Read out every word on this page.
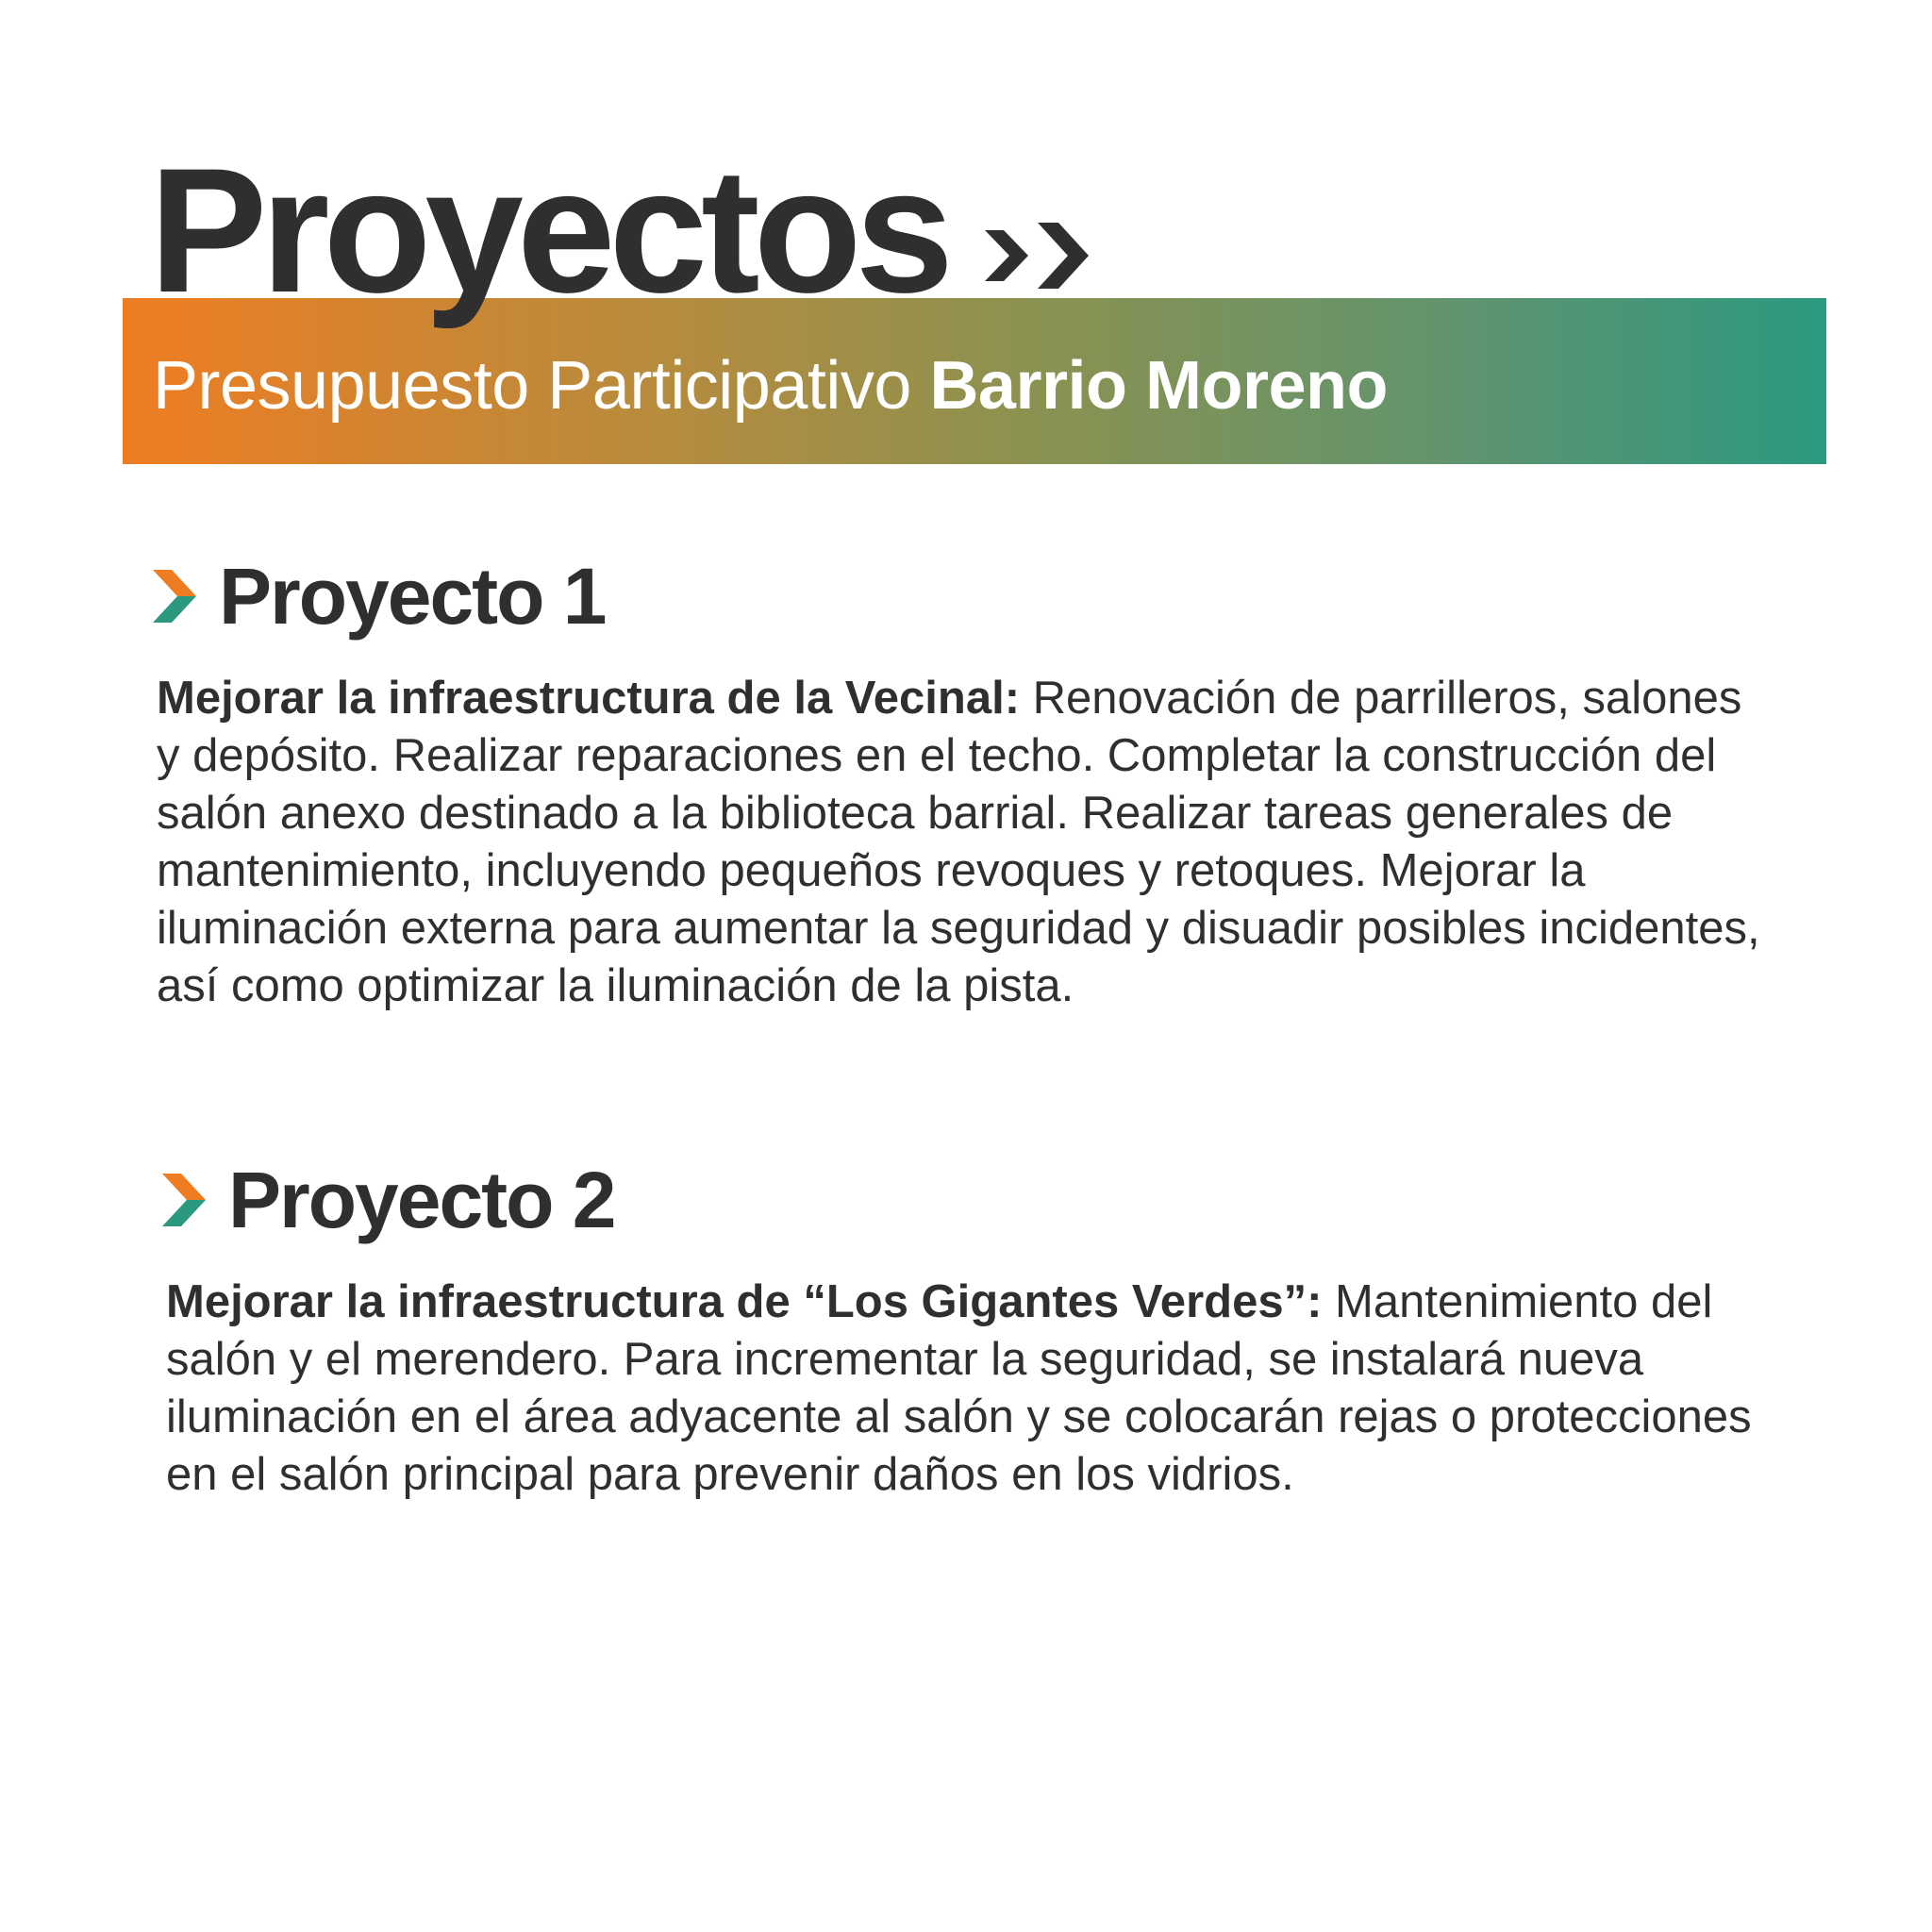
Proyectos
Presupuesto Participativo Barrio Moreno
Proyecto 1

Mejorar la infraestructura de la Vecinal: Renovación de parrilleros, salones y depósito. Realizar reparaciones en el techo. Completar la construcción del salón anexo destinado a la biblioteca barrial. Realizar tareas generales de mantenimiento, incluyendo pequeños revoques y retoques. Mejorar la iluminación externa para aumentar la seguridad y disuadir posibles incidentes, así como optimizar la iluminación de la pista.

Proyecto 2

Mejorar la infraestructura de “Los Gigantes Verdes”: Mantenimiento del salón y el merendero. Para incrementar la seguridad, se instalará nueva iluminación en el área adyacente al salón y se colocarán rejas o protecciones en el salón principal para prevenir daños en los vidrios.
